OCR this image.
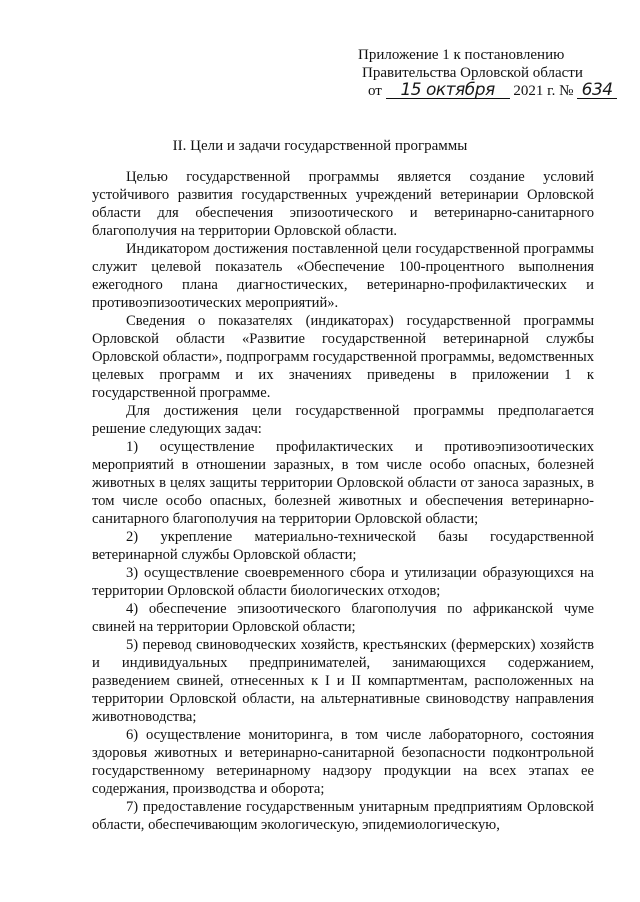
Приложение 1 к постановлению
Правительства Орловской области
от 15 октября 2021 г. № 634
II. Цели и задачи государственной программы

Целью государственной программы является создание условий устойчивого развития государственных учреждений ветеринарии Орловской области для обеспечения эпизоотического и ветеринарно-санитарного благополучия на территории Орловской области.

Индикатором достижения поставленной цели государственной программы служит целевой показатель «Обеспечение 100-процентного выполнения ежегодного плана диагностических, ветеринарно-профилактических и противоэпизоотических мероприятий».

Сведения о показателях (индикаторах) государственной программы Орловской области «Развитие государственной ветеринарной службы Орловской области», подпрограмм государственной программы, ведомственных целевых программ и их значениях приведены в приложении 1 к государственной программе.

Для достижения цели государственной программы предполагается решение следующих задач:

1) осуществление профилактических и противоэпизоотических мероприятий в отношении заразных, в том числе особо опасных, болезней животных в целях защиты территории Орловской области от заноса заразных, в том числе особо опасных, болезней животных и обеспечения ветеринарно-санитарного благополучия на территории Орловской области;

2) укрепление материально-технической базы государственной ветеринарной службы Орловской области;

3) осуществление своевременного сбора и утилизации образующихся на территории Орловской области биологических отходов;

4) обеспечение эпизоотического благополучия по африканской чуме свиней на территории Орловской области;

5) перевод свиноводческих хозяйств, крестьянских (фермерских) хозяйств и индивидуальных предпринимателей, занимающихся содержанием, разведением свиней, отнесенных к I и II компартментам, расположенных на территории Орловской области, на альтернативные свиноводству направления животноводства;

6) осуществление мониторинга, в том числе лабораторного, состояния здоровья животных и ветеринарно-санитарной безопасности подконтрольной государственному ветеринарному надзору продукции на всех этапах ее содержания, производства и оборота;

7) предоставление государственным унитарным предприятиям Орловской области, обеспечивающим экологическую, эпидемиологическую,
